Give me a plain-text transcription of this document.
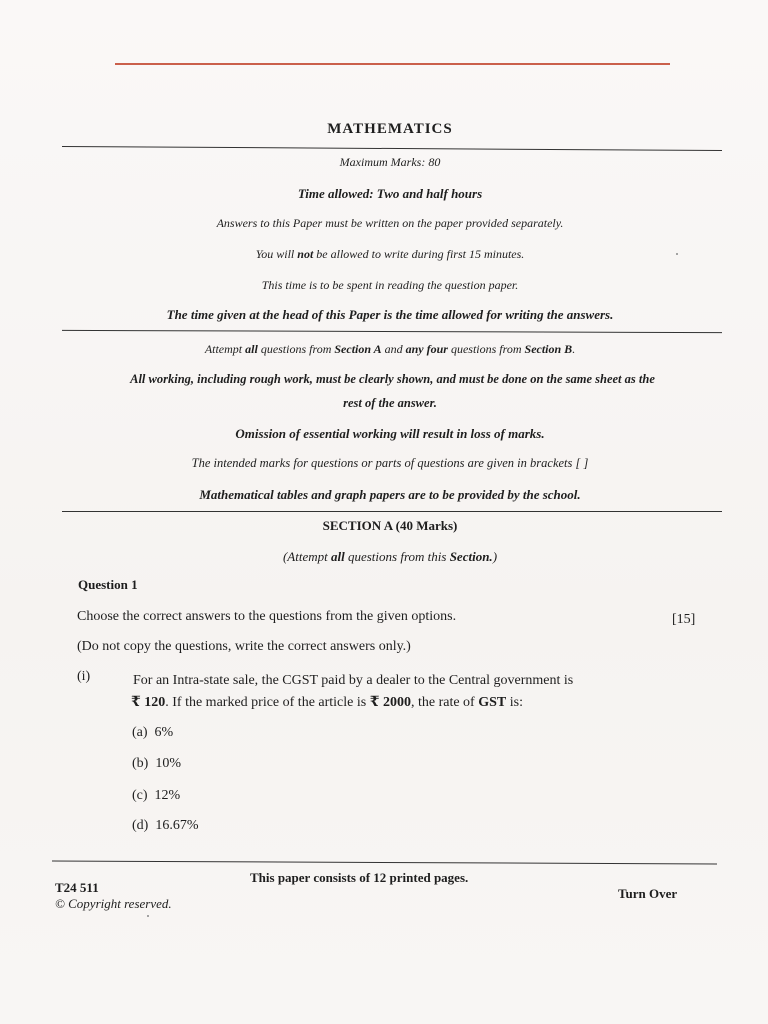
MATHEMATICS
Maximum Marks: 80
Time allowed: Two and half hours
Answers to this Paper must be written on the paper provided separately.
You will not be allowed to write during first 15 minutes.
This time is to be spent in reading the question paper.
The time given at the head of this Paper is the time allowed for writing the answers.
Attempt all questions from Section A and any four questions from Section B.
All working, including rough work, must be clearly shown, and must be done on the same sheet as the
rest of the answer.
Omission of essential working will result in loss of marks.
The intended marks for questions or parts of questions are given in brackets [ ]
Mathematical tables and graph papers are to be provided by the school.
SECTION A (40 Marks)
(Attempt all questions from this Section.)
Question 1
Choose the correct answers to the questions from the given options.	[15]
(Do not copy the questions, write the correct answers only.)
(i)	For an Intra-state sale, the CGST paid by a dealer to the Central government is
₹ 120. If the marked price of the article is ₹ 2000, the rate of GST is:
(a) 6%
(b) 10%
(c) 12%
(d) 16.67%
This paper consists of 12 printed pages.
T24 511
© Copyright reserved.
Turn Over
